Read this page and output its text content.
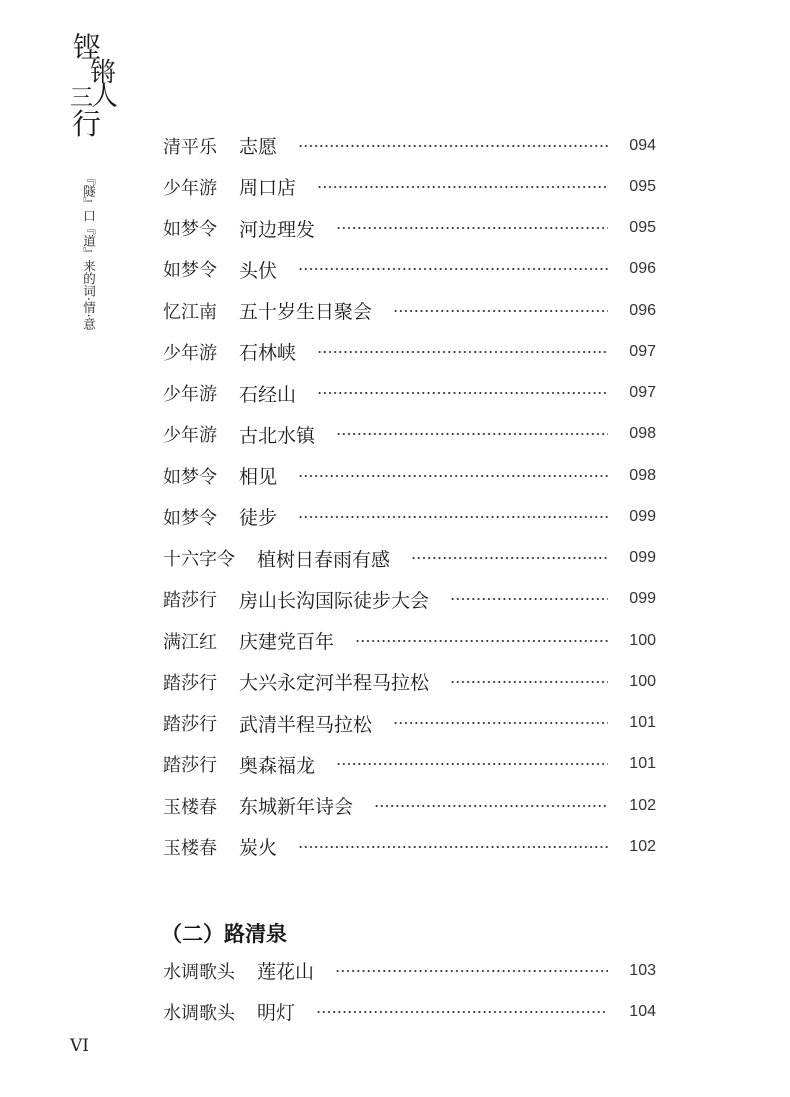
铿
锵
三
人
行
『隧』口『道』来的词·情·意
清平乐 志愿	094
少年游 周口店	095
如梦令 河边理发	095
如梦令 头伏	096
忆江南 五十岁生日聚会	096
少年游 石林峡	097
少年游 石经山	097
少年游 古北水镇	098
如梦令 相见	098
如梦令 徒步	099
十六字令 植树日春雨有感	099
踏莎行 房山长沟国际徒步大会	099
满江红 庆建党百年	100
踏莎行 大兴永定河半程马拉松	100
踏莎行 武清半程马拉松	101
踏莎行 奥森福龙	101
玉楼春 东城新年诗会	102
玉楼春 炭火	102
（二）路清泉
水调歌头 莲花山	103
水调歌头 明灯	104
VI
